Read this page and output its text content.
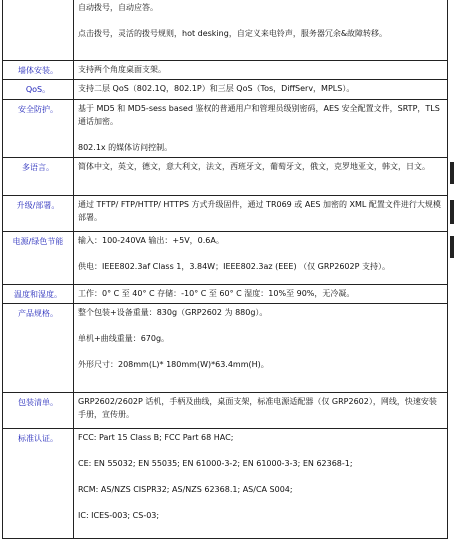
	自动拨号，自动应答。
点击拨号，灵活的拨号规则，hot desking，自定义来电铃声，服务器冗余&故障转移。

墙体安装。	支持两个角度桌面支架。

QoS。	支持二层 QoS（802.1Q，802.1P）和三层 QoS（Tos，DiffServ，MPLS）。

安全防护。	基于 MD5 和 MD5-sess based 鉴权的普通用户和管理员级别密码，AES 安全配置文件，SRTP，TLS 通话加密。
802.1x 的媒体访问控制。

多语言。	简体中文，英文，德文，意大利文，法文，西班牙文，葡萄牙文，俄文，克罗地亚文，韩文，日文。

升级/部署。	通过 TFTP/ FTP/HTTP/ HTTPS 方式升级固件，通过 TR069 或 AES 加密的 XML 配置文件进行大规模部署。

电源/绿色节能	输入：100-240VA 输出：+5V，0.6A。
供电：IEEE802.3af Class 1，3.84W；IEEE802.3az (EEE) （仅 GRP2602P 支持）。

温度和湿度。	工作：0° C 至 40° C 存储：-10° C 至 60° C 湿度：10%至 90%，无冷凝。

产品规格。	整个包装+设备重量：830g（GRP2602 为 880g）。
单机+曲线重量：670g。
外形尺寸：208mm(L)* 180mm(W)*63.4mm(H)。

包装清单。	GRP2602/2602P 话机，手柄及曲线，桌面支架，标准电源适配器（仅 GRP2602），网线，快速安装手册，宣传册。

标准认证。	FCC: Part 15 Class B; FCC Part 68 HAC;
CE: EN 55032; EN 55035; EN 61000-3-2; EN 61000-3-3; EN 62368-1;
RCM: AS/NZS CISPR32; AS/NZS 62368.1; AS/CA S004;
IC: ICES-003; CS-03;
